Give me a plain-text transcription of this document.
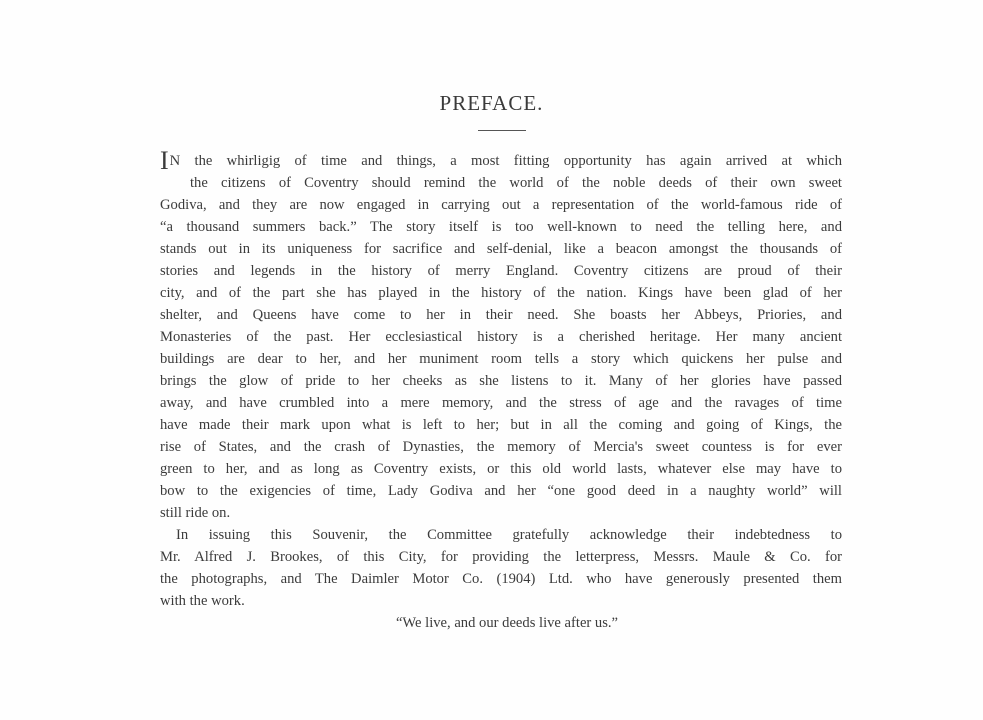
PREFACE.
IN the whirligig of time and things, a most fitting opportunity has again arrived at which
the citizens of Coventry should remind the world of the noble deeds of their own sweet
Godiva, and they are now engaged in carrying out a representation of the world-famous ride of
“a thousand summers back.” The story itself is too well-known to need the telling here, and
stands out in its uniqueness for sacrifice and self-denial, like a beacon amongst the thousands of
stories and legends in the history of merry England. Coventry citizens are proud of their
city, and of the part she has played in the history of the nation. Kings have been glad of her
shelter, and Queens have come to her in their need. She boasts her Abbeys, Priories, and
Monasteries of the past. Her ecclesiastical history is a cherished heritage. Her many ancient
buildings are dear to her, and her muniment room tells a story which quickens her pulse and
brings the glow of pride to her cheeks as she listens to it. Many of her glories have passed
away, and have crumbled into a mere memory, and the stress of age and the ravages of time
have made their mark upon what is left to her; but in all the coming and going of Kings, the
rise of States, and the crash of Dynasties, the memory of Mercia's sweet countess is for ever
green to her, and as long as Coventry exists, or this old world lasts, whatever else may have to
bow to the exigencies of time, Lady Godiva and her “one good deed in a naughty world” will
still ride on.
In issuing this Souvenir, the Committee gratefully acknowledge their indebtedness to
Mr. Alfred J. Brookes, of this City, for providing the letterpress, Messrs. Maule & Co. for
the photographs, and The Daimler Motor Co. (1904) Ltd. who have generously presented them
with the work.
“We live, and our deeds live after us.”
